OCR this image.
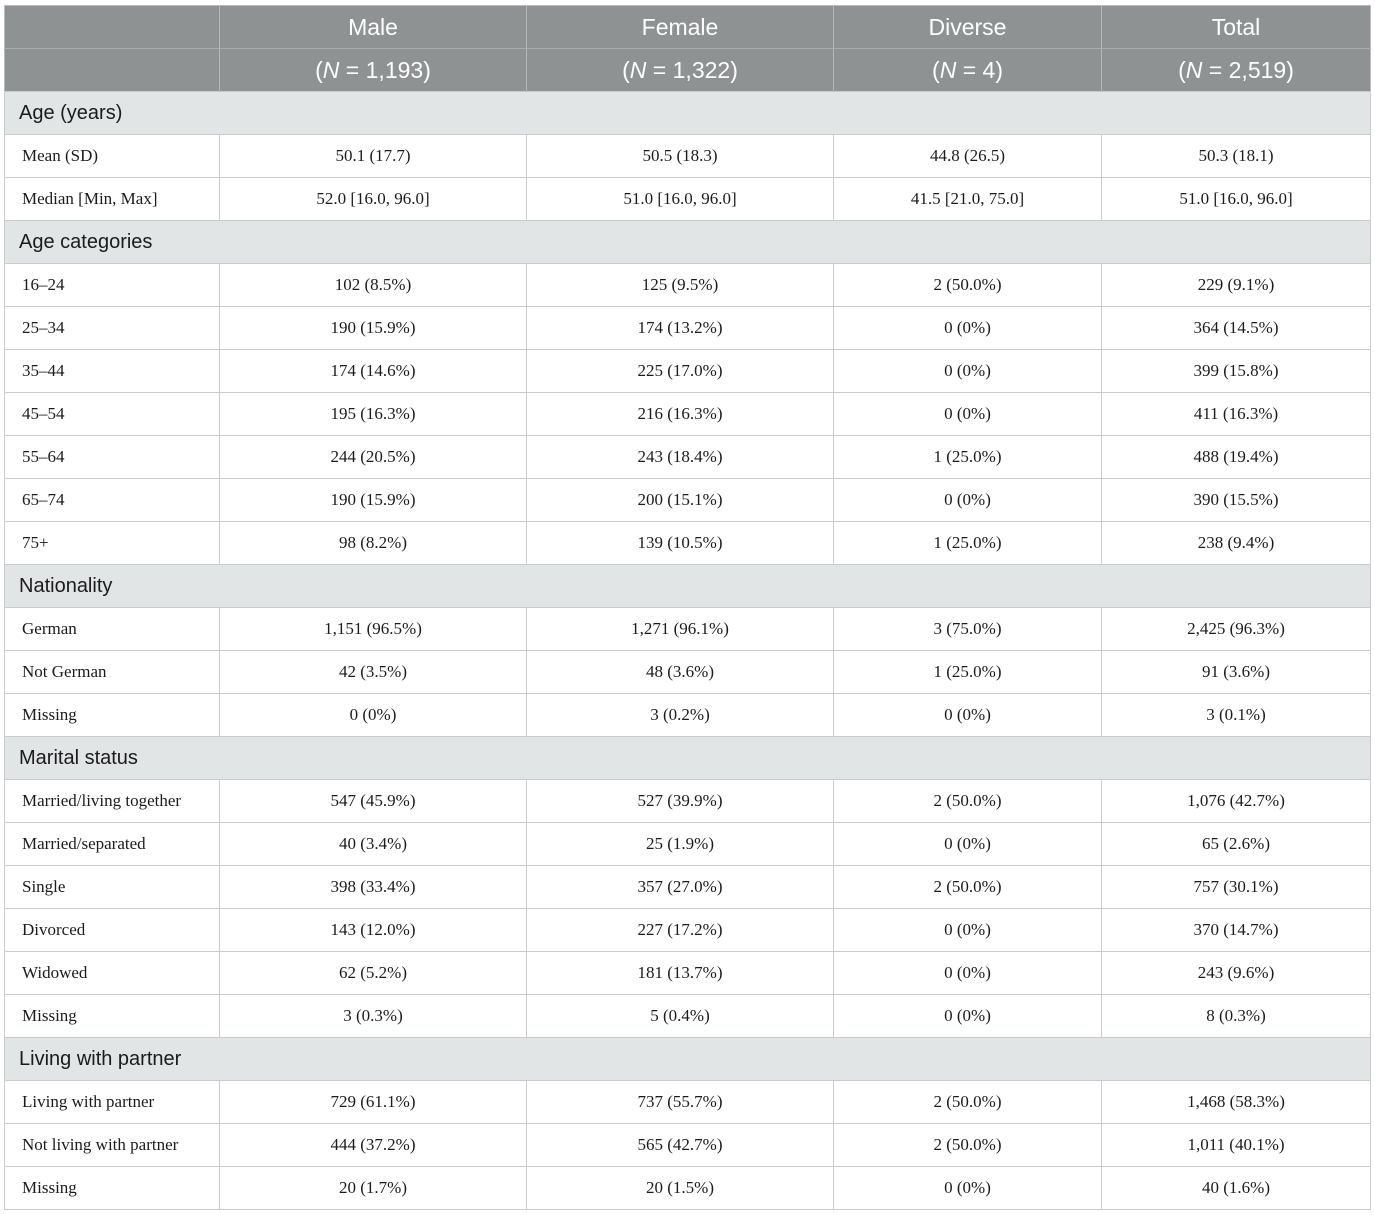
	Male	Female	Diverse	Total
	(N = 1,193)	(N = 1,322)	(N = 4)	(N = 2,519)
Age (years)				
Mean (SD)	50.1 (17.7)	50.5 (18.3)	44.8 (26.5)	50.3 (18.1)
Median [Min, Max]	52.0 [16.0, 96.0]	51.0 [16.0, 96.0]	41.5 [21.0, 75.0]	51.0 [16.0, 96.0]
Age categories				
16–24	102 (8.5%)	125 (9.5%)	2 (50.0%)	229 (9.1%)
25–34	190 (15.9%)	174 (13.2%)	0 (0%)	364 (14.5%)
35–44	174 (14.6%)	225 (17.0%)	0 (0%)	399 (15.8%)
45–54	195 (16.3%)	216 (16.3%)	0 (0%)	411 (16.3%)
55–64	244 (20.5%)	243 (18.4%)	1 (25.0%)	488 (19.4%)
65–74	190 (15.9%)	200 (15.1%)	0 (0%)	390 (15.5%)
75+	98 (8.2%)	139 (10.5%)	1 (25.0%)	238 (9.4%)
Nationality				
German	1,151 (96.5%)	1,271 (96.1%)	3 (75.0%)	2,425 (96.3%)
Not German	42 (3.5%)	48 (3.6%)	1 (25.0%)	91 (3.6%)
Missing	0 (0%)	3 (0.2%)	0 (0%)	3 (0.1%)
Marital status				
Married/living together	547 (45.9%)	527 (39.9%)	2 (50.0%)	1,076 (42.7%)
Married/separated	40 (3.4%)	25 (1.9%)	0 (0%)	65 (2.6%)
Single	398 (33.4%)	357 (27.0%)	2 (50.0%)	757 (30.1%)
Divorced	143 (12.0%)	227 (17.2%)	0 (0%)	370 (14.7%)
Widowed	62 (5.2%)	181 (13.7%)	0 (0%)	243 (9.6%)
Missing	3 (0.3%)	5 (0.4%)	0 (0%)	8 (0.3%)
Living with partner				
Living with partner	729 (61.1%)	737 (55.7%)	2 (50.0%)	1,468 (58.3%)
Not living with partner	444 (37.2%)	565 (42.7%)	2 (50.0%)	1,011 (40.1%)
Missing	20 (1.7%)	20 (1.5%)	0 (0%)	40 (1.6%)
